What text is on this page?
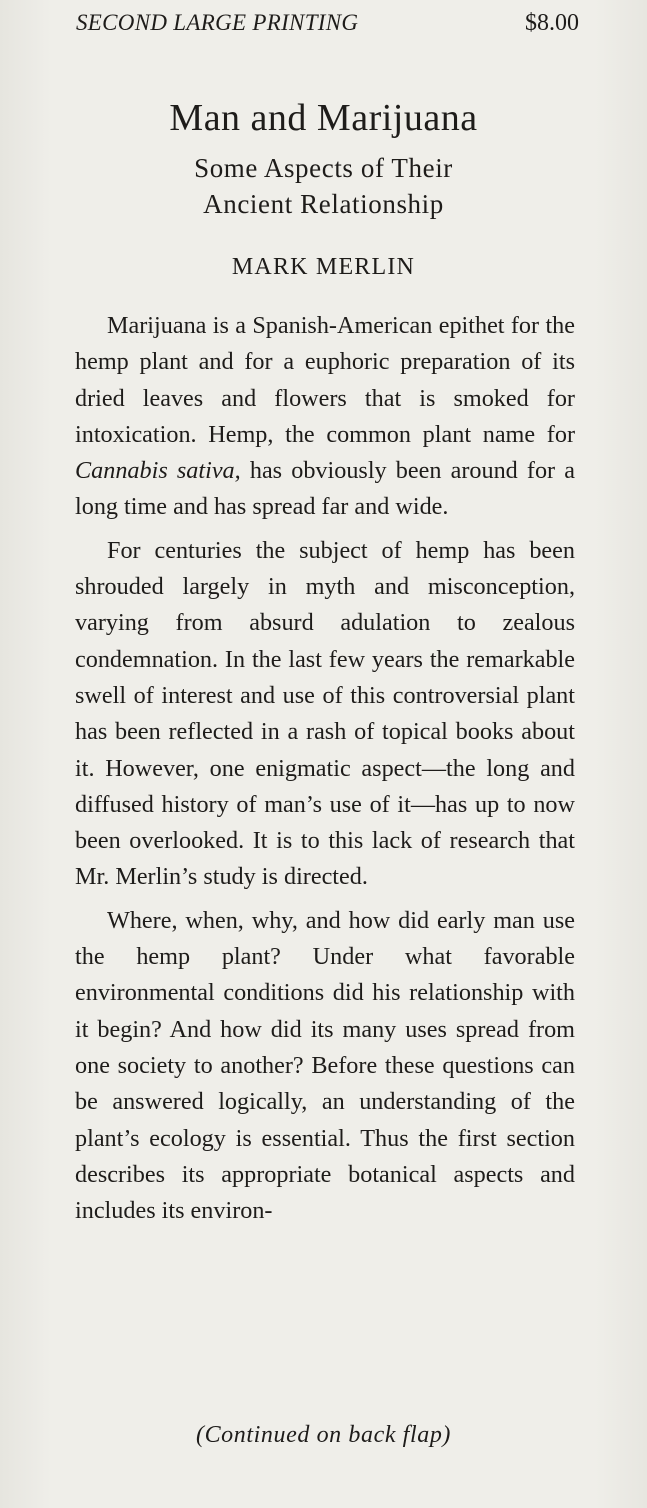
SECOND LARGE PRINTING	$8.00
Man and Marijuana
Some Aspects of Their
Ancient Relationship
MARK MERLIN

Marijuana is a Spanish-American epithet for the hemp plant and for a euphoric preparation of its dried leaves and flowers that is smoked for intoxication. Hemp, the common plant name for Cannabis sativa, has obviously been around for a long time and has spread far and wide.

For centuries the subject of hemp has been shrouded largely in myth and misconception, varying from absurd adulation to zealous condemnation. In the last few years the remarkable swell of interest and use of this controversial plant has been reflected in a rash of topical books about it. However, one enigmatic aspect—the long and diffused history of man’s use of it—has up to now been overlooked. It is to this lack of research that Mr. Merlin’s study is directed.

Where, when, why, and how did early man use the hemp plant? Under what favorable environmental conditions did his relationship with it begin? And how did its many uses spread from one society to another? Before these questions can be answered logically, an understanding of the plant’s ecology is essential. Thus the first section describes its appropriate botanical aspects and includes its environ-

(Continued on back flap)
